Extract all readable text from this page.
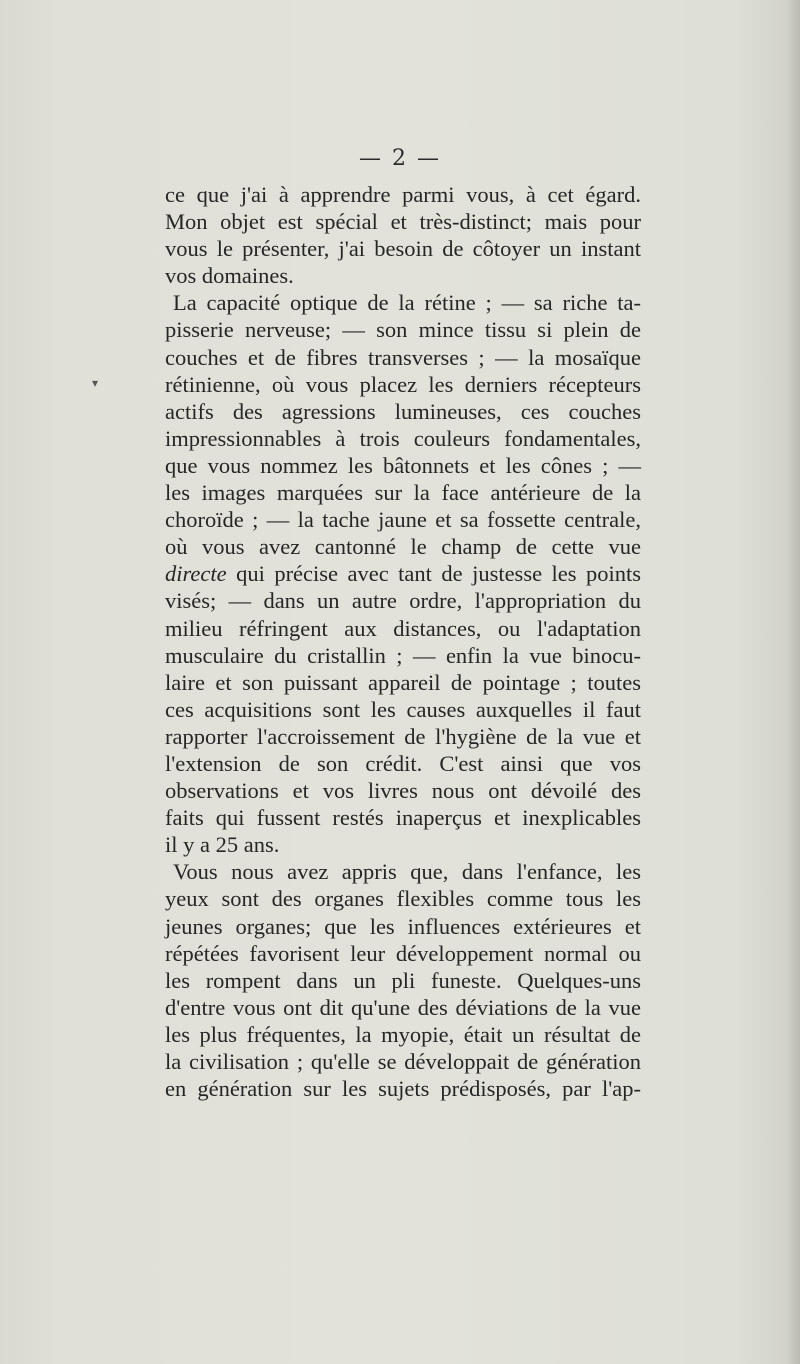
— 2 —
ce que j'ai à apprendre parmi vous, à cet égard.
Mon objet est spécial et très-distinct; mais pour
vous le présenter, j'ai besoin de côtoyer un instant
vos domaines.
La capacité optique de la rétine ; — sa riche ta-
pisserie nerveuse; — son mince tissu si plein de
couches et de fibres transverses ; — la mosaïque
rétinienne, où vous placez les derniers récepteurs
actifs des agressions lumineuses, ces couches
impressionnables à trois couleurs fondamentales,
que vous nommez les bâtonnets et les cônes ; —
les images marquées sur la face antérieure de la
choroïde ; — la tache jaune et sa fossette centrale,
où vous avez cantonné le champ de cette vue
directe qui précise avec tant de justesse les points
visés; — dans un autre ordre, l'appropriation du
milieu réfringent aux distances, ou l'adaptation
musculaire du cristallin ; — enfin la vue binocu-
laire et son puissant appareil de pointage ; toutes
ces acquisitions sont les causes auxquelles il faut
rapporter l'accroissement de l'hygiène de la vue et
l'extension de son crédit. C'est ainsi que vos
observations et vos livres nous ont dévoilé des
faits qui fussent restés inaperçus et inexplicables
il y a 25 ans.
Vous nous avez appris que, dans l'enfance, les
yeux sont des organes flexibles comme tous les
jeunes organes; que les influences extérieures et
répétées favorisent leur développement normal ou
les rompent dans un pli funeste. Quelques-uns
d'entre vous ont dit qu'une des déviations de la vue
les plus fréquentes, la myopie, était un résultat de
la civilisation ; qu'elle se développait de génération
en génération sur les sujets prédisposés, par l'ap-
▾
